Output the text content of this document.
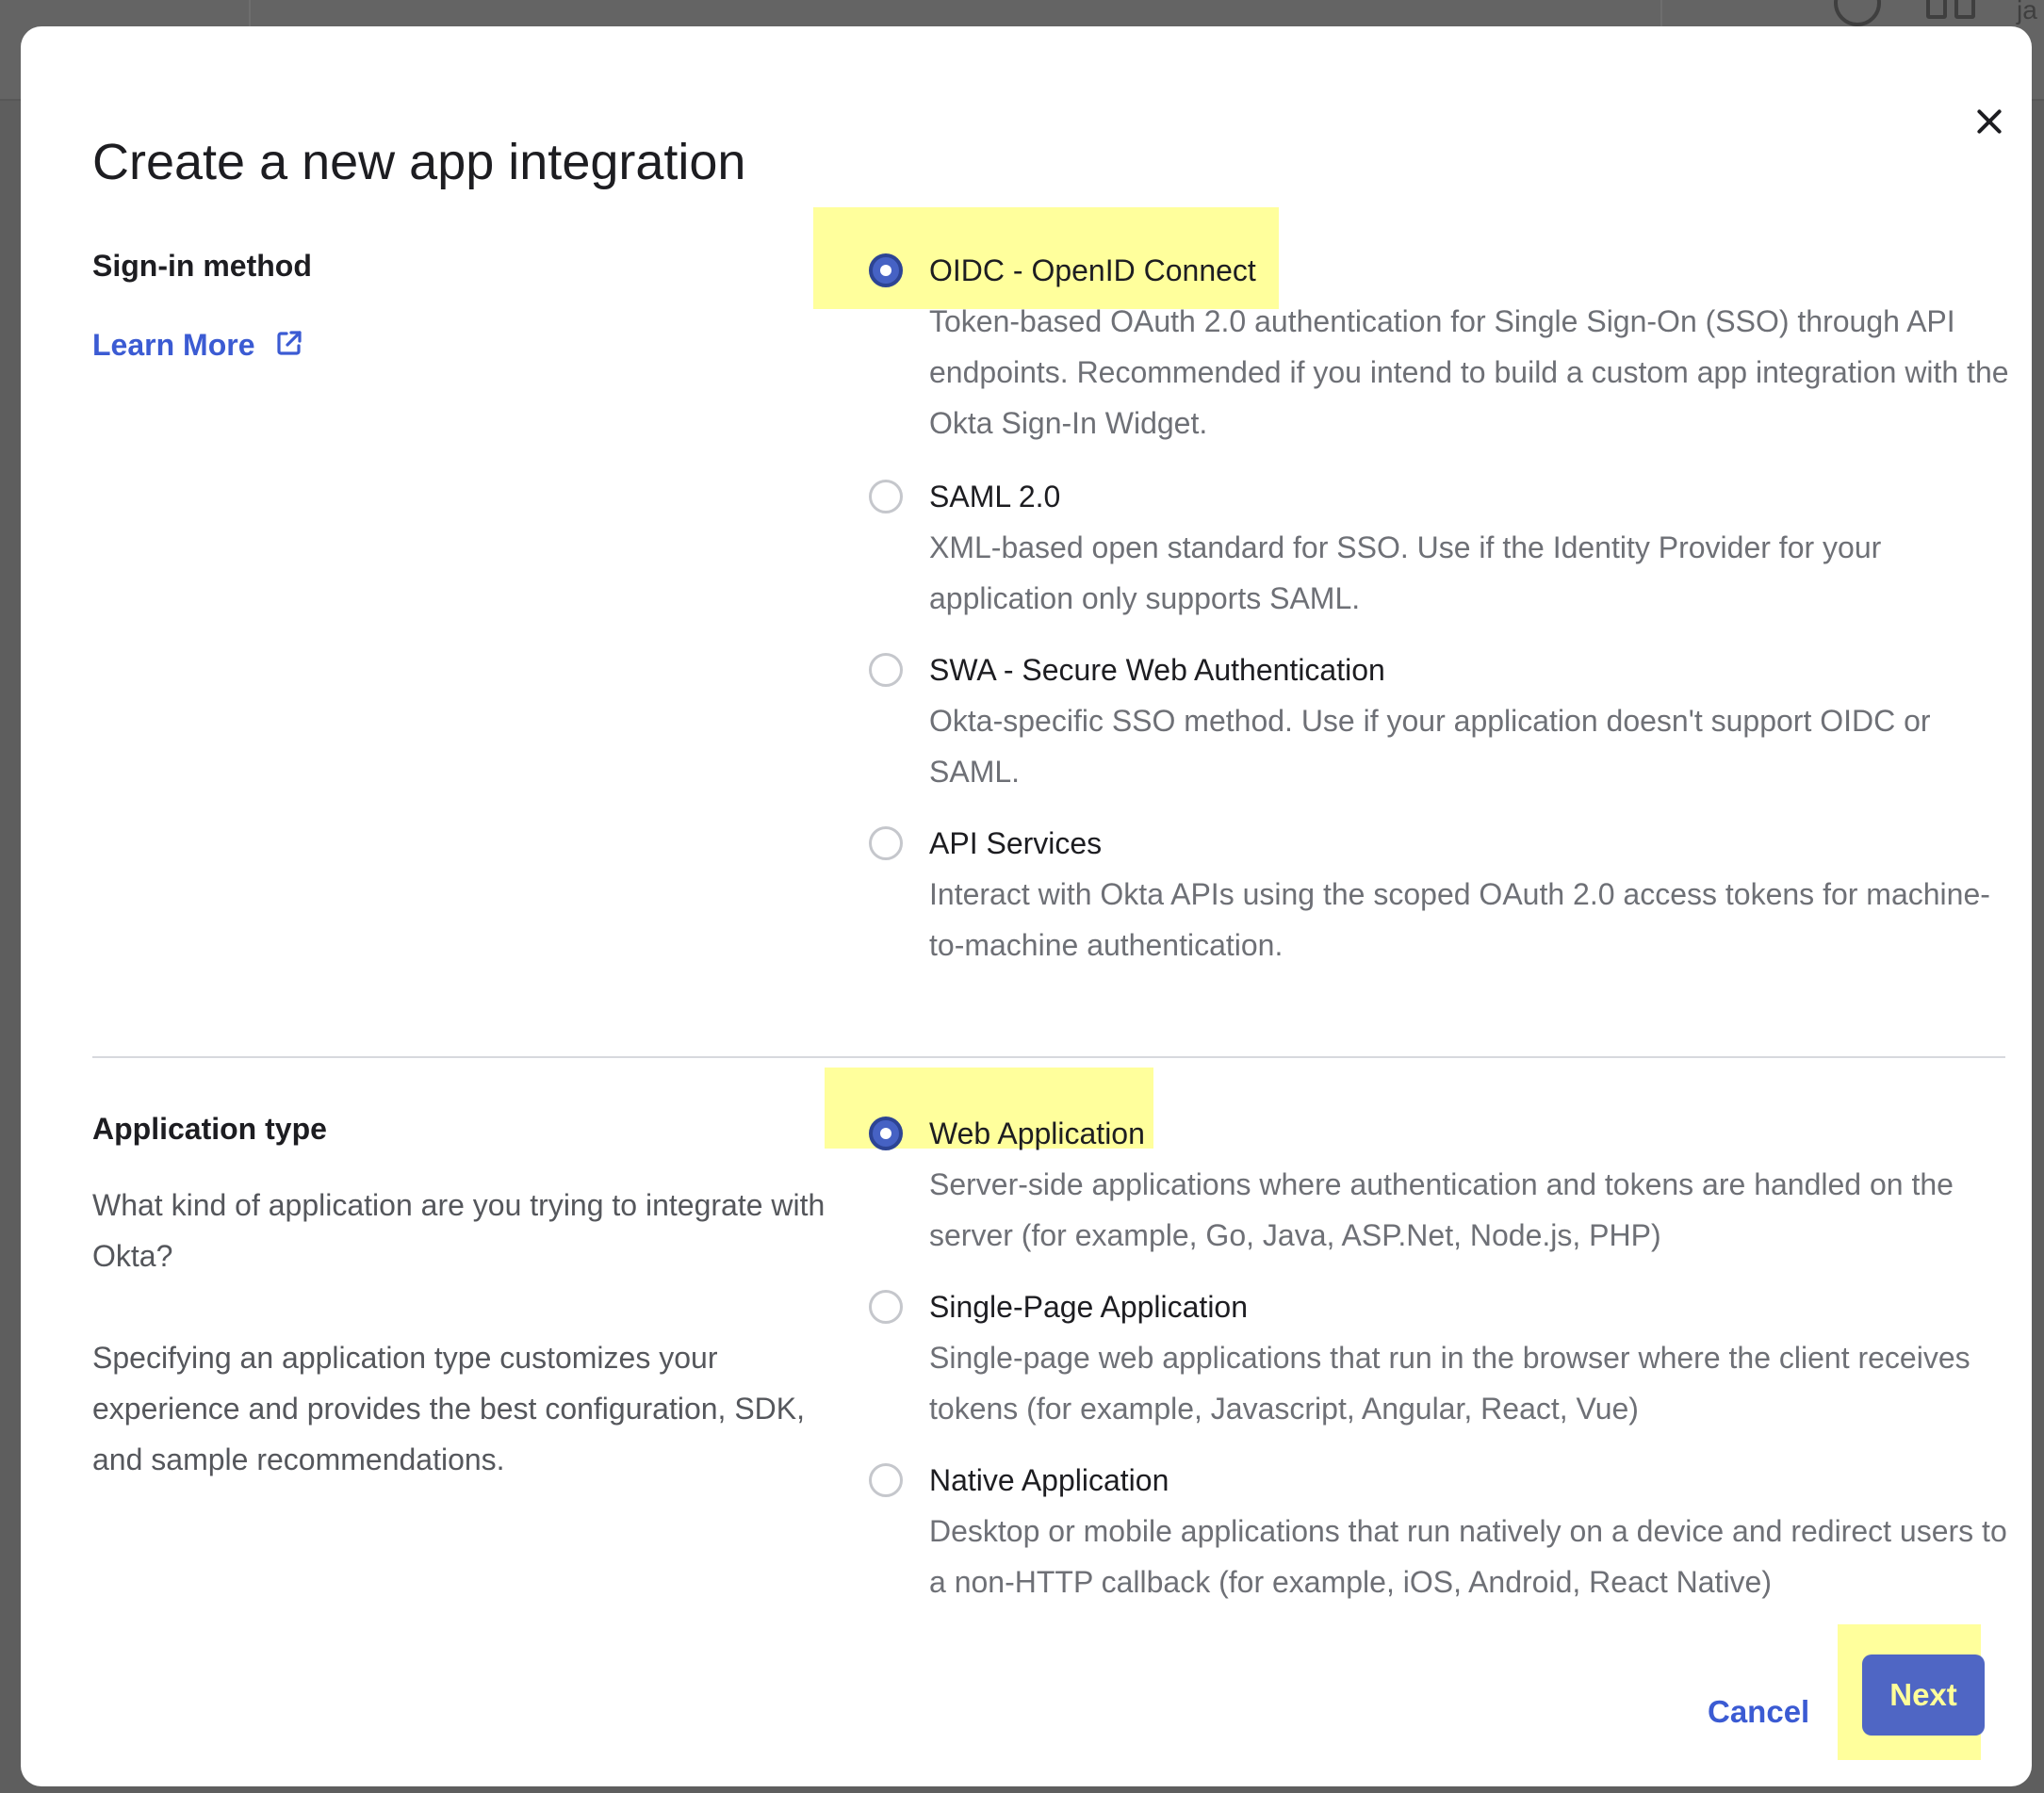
ja
Create a new app integration
Sign-in method
Learn More
OIDC - OpenID Connect
Token-based OAuth 2.0 authentication for Single Sign-On (SSO) through API endpoints. Recommended if you intend to build a custom app integration with the Okta Sign-In Widget.
SAML 2.0
XML-based open standard for SSO. Use if the Identity Provider for your application only supports SAML.
SWA - Secure Web Authentication
Okta-specific SSO method. Use if your application doesn't support OIDC or SAML.
API Services
Interact with Okta APIs using the scoped OAuth 2.0 access tokens for machine-to-machine authentication.
Application type

What kind of application are you trying to integrate with Okta?

Specifying an application type customizes your experience and provides the best configuration, SDK, and sample recommendations.

Web Application
Server-side applications where authentication and tokens are handled on the server (for example, Go, Java, ASP.Net, Node.js, PHP)
Single-Page Application
Single-page web applications that run in the browser where the client receives tokens (for example, Javascript, Angular, React, Vue)
Native Application
Desktop or mobile applications that run natively on a device and redirect users to a non-HTTP callback (for example, iOS, Android, React Native)
Cancel	Next
